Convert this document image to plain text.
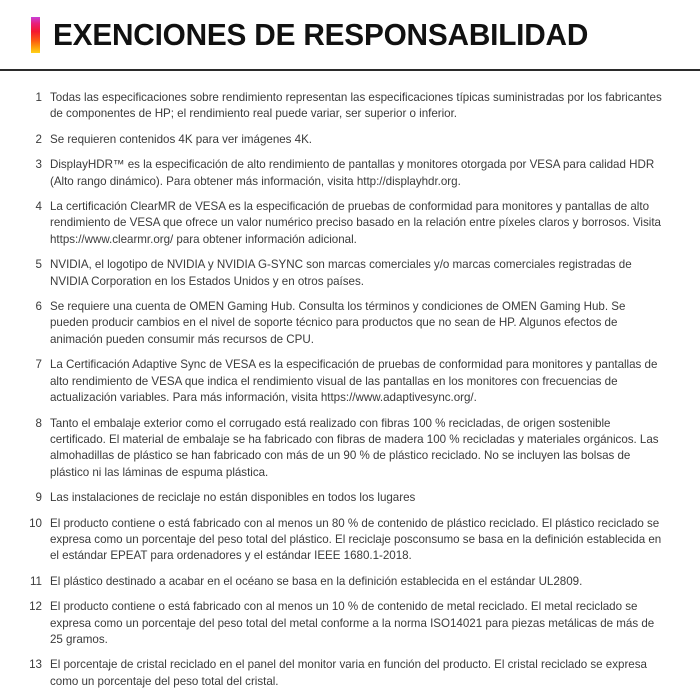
EXENCIONES DE RESPONSABILIDAD
1 Todas las especificaciones sobre rendimiento representan las especificaciones típicas suministradas por los fabricantes de componentes de HP; el rendimiento real puede variar, ser superior o inferior.
2 Se requieren contenidos 4K para ver imágenes 4K.
3 DisplayHDR™ es la especificación de alto rendimiento de pantallas y monitores otorgada por VESA para calidad HDR (Alto rango dinámico). Para obtener más información, visita http://displayhdr.org.
4 La certificación ClearMR de VESA es la especificación de pruebas de conformidad para monitores y pantallas de alto rendimiento de VESA que ofrece un valor numérico preciso basado en la relación entre píxeles claros y borrosos. Visita https://www.clearmr.org/ para obtener información adicional.
5 NVIDIA, el logotipo de NVIDIA y NVIDIA G-SYNC son marcas comerciales y/o marcas comerciales registradas de NVIDIA Corporation en los Estados Unidos y en otros países.
6 Se requiere una cuenta de OMEN Gaming Hub. Consulta los términos y condiciones de OMEN Gaming Hub. Se pueden producir cambios en el nivel de soporte técnico para productos que no sean de HP. Algunos efectos de animación pueden consumir más recursos de CPU.
7 La Certificación Adaptive Sync de VESA es la especificación de pruebas de conformidad para monitores y pantallas de alto rendimiento de VESA que indica el rendimiento visual de las pantallas en los monitores con frecuencias de actualización variables. Para más información, visita https://www.adaptivesync.org/.
8 Tanto el embalaje exterior como el corrugado está realizado con fibras 100 % recicladas, de origen sostenible certificado. El material de embalaje se ha fabricado con fibras de madera 100 % recicladas y materiales orgánicos. Las almohadillas de plástico se han fabricado con más de un 90 % de plástico reciclado. No se incluyen las bolsas de plástico ni las láminas de espuma plástica.
9 Las instalaciones de reciclaje no están disponibles en todos los lugares
10 El producto contiene o está fabricado con al menos un 80 % de contenido de plástico reciclado. El plástico reciclado se expresa como un porcentaje del peso total del plástico. El reciclaje posconsumo se basa en la definición establecida en el estándar EPEAT para ordenadores y el estándar IEEE 1680.1-2018.
11 El plástico destinado a acabar en el océano se basa en la definición establecida en el estándar UL2809.
12 El producto contiene o está fabricado con al menos un 10 % de contenido de metal reciclado. El metal reciclado se expresa como un porcentaje del peso total del metal conforme a la norma ISO14021 para piezas metálicas de más de 25 gramos.
13 El porcentaje de cristal reciclado en el panel del monitor varia en función del producto. El cristal reciclado se expresa como un porcentaje del peso total del cristal.
